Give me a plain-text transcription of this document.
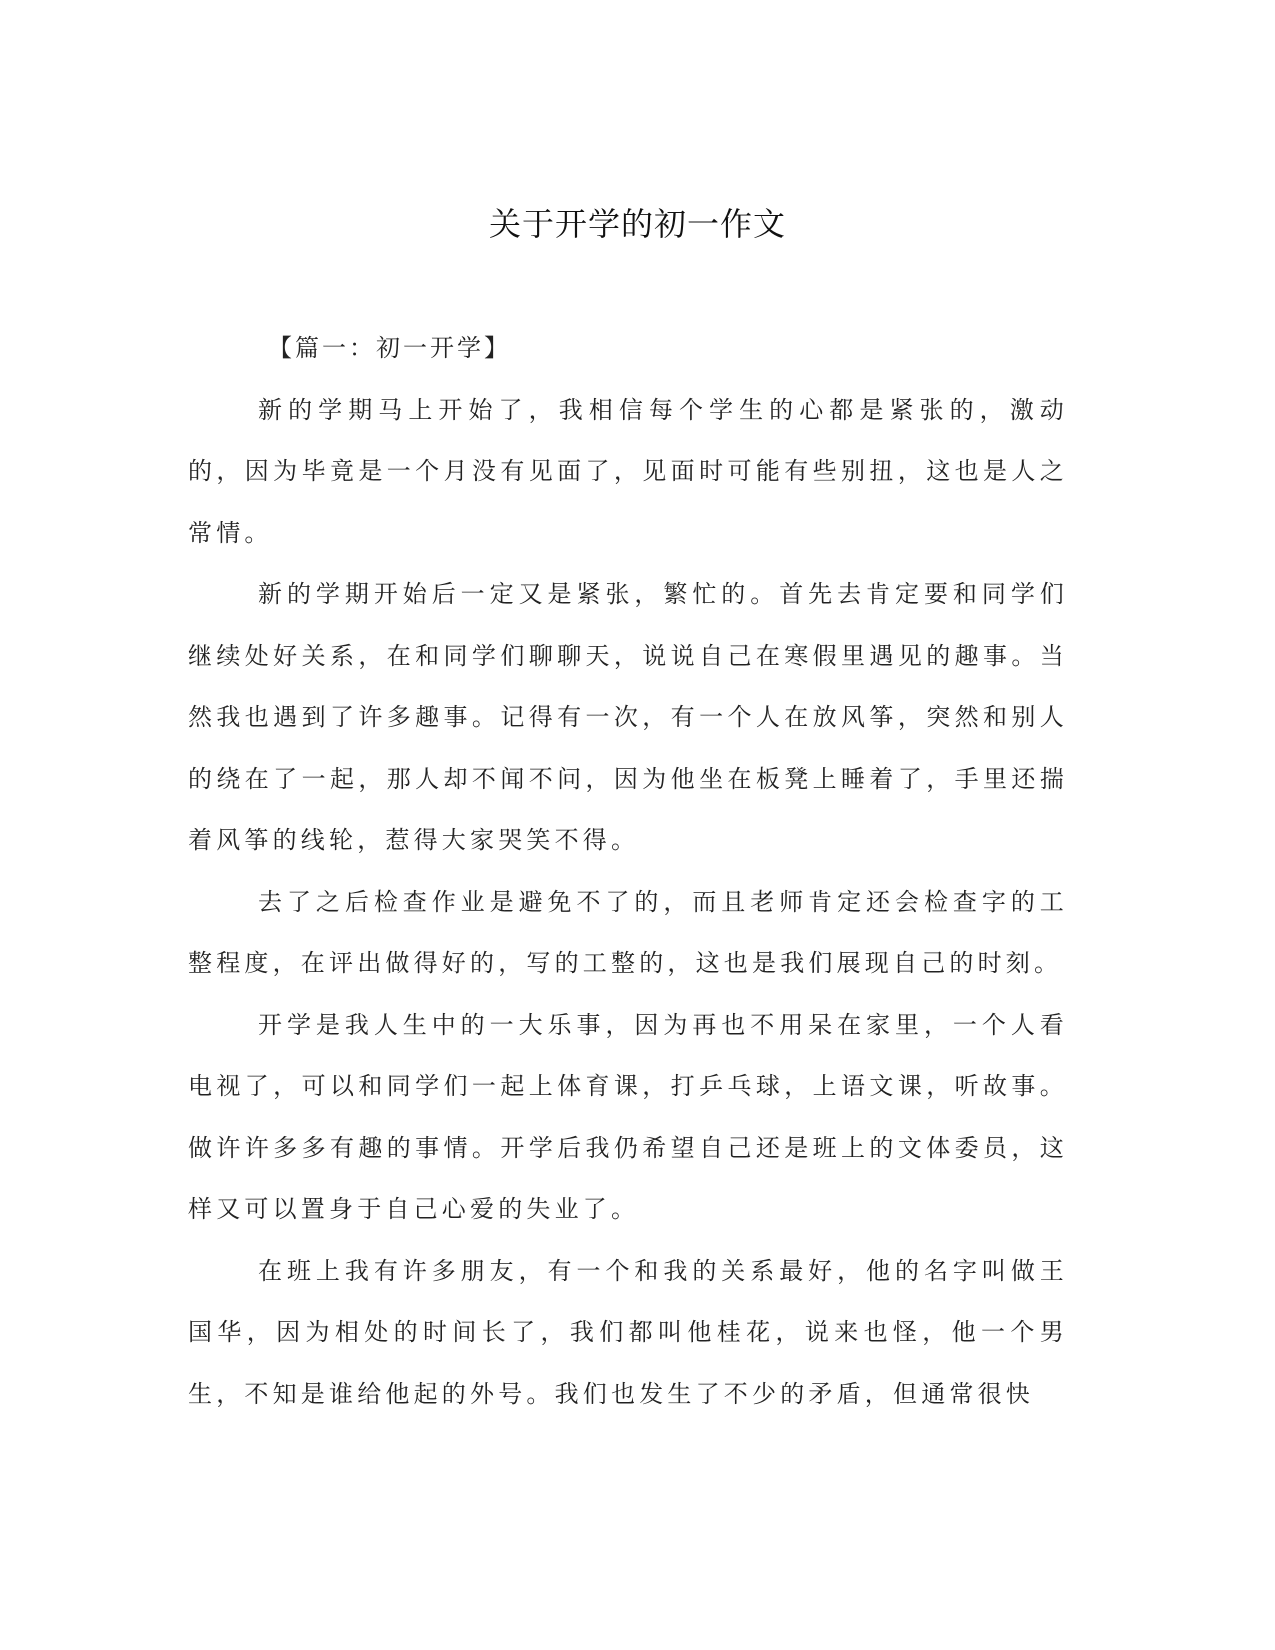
关于开学的初一作文

【篇一：初一开学】

新的学期马上开始了，我相信每个学生的心都是紧张的，激动的，因为毕竟是一个月没有见面了，见面时可能有些别扭，这也是人之常情。

新的学期开始后一定又是紧张，繁忙的。首先去肯定要和同学们继续处好关系，在和同学们聊聊天，说说自己在寒假里遇见的趣事。当然我也遇到了许多趣事。记得有一次，有一个人在放风筝，突然和别人的绕在了一起，那人却不闻不问，因为他坐在板凳上睡着了，手里还揣着风筝的线轮，惹得大家哭笑不得。

去了之后检查作业是避免不了的，而且老师肯定还会检查字的工整程度，在评出做得好的，写的工整的，这也是我们展现自己的时刻。

开学是我人生中的一大乐事，因为再也不用呆在家里，一个人看电视了，可以和同学们一起上体育课，打乒乓球，上语文课，听故事。做许许多多有趣的事情。开学后我仍希望自己还是班上的文体委员，这样又可以置身于自己心爱的失业了。

在班上我有许多朋友，有一个和我的关系最好，他的名字叫做王国华，因为相处的时间长了，我们都叫他桂花，说来也怪，他一个男生，不知是谁给他起的外号。我们也发生了不少的矛盾，但通常很快
